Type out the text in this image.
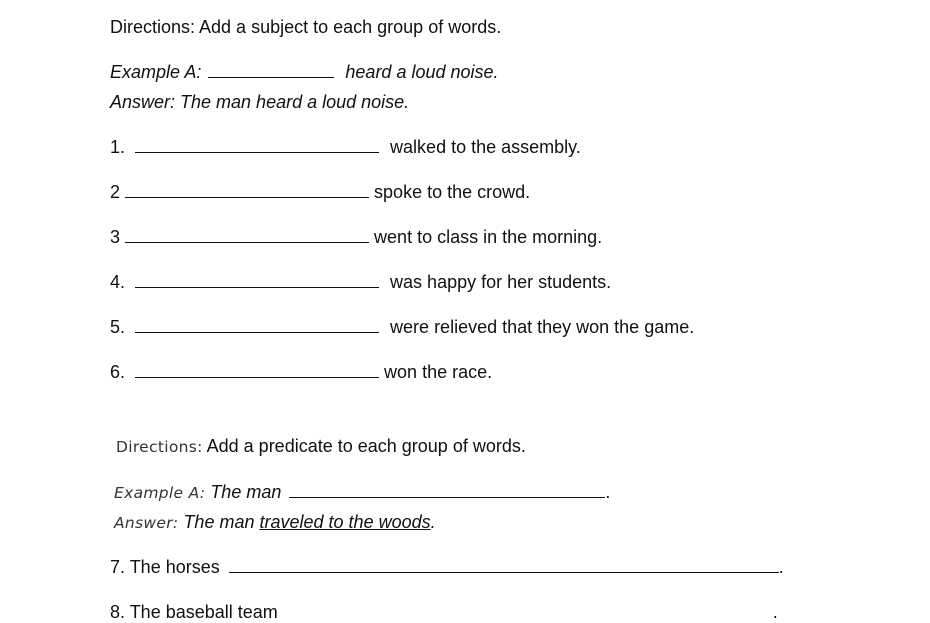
Directions: Add a subject to each group of words.
Example A:	heard a loud noise.
Answer: The man heard a loud noise.
1.	walked to the assembly.
2	spoke to the crowd.
3	went to class in the morning.
4.	was happy for her students.
5.	were relieved that they won the game.
6.	won the race.
Directions: Add a predicate to each group of words.
Example A: The man	.
Answer: The man traveled to the woods.
7. The horses	.
8. The baseball team	.
